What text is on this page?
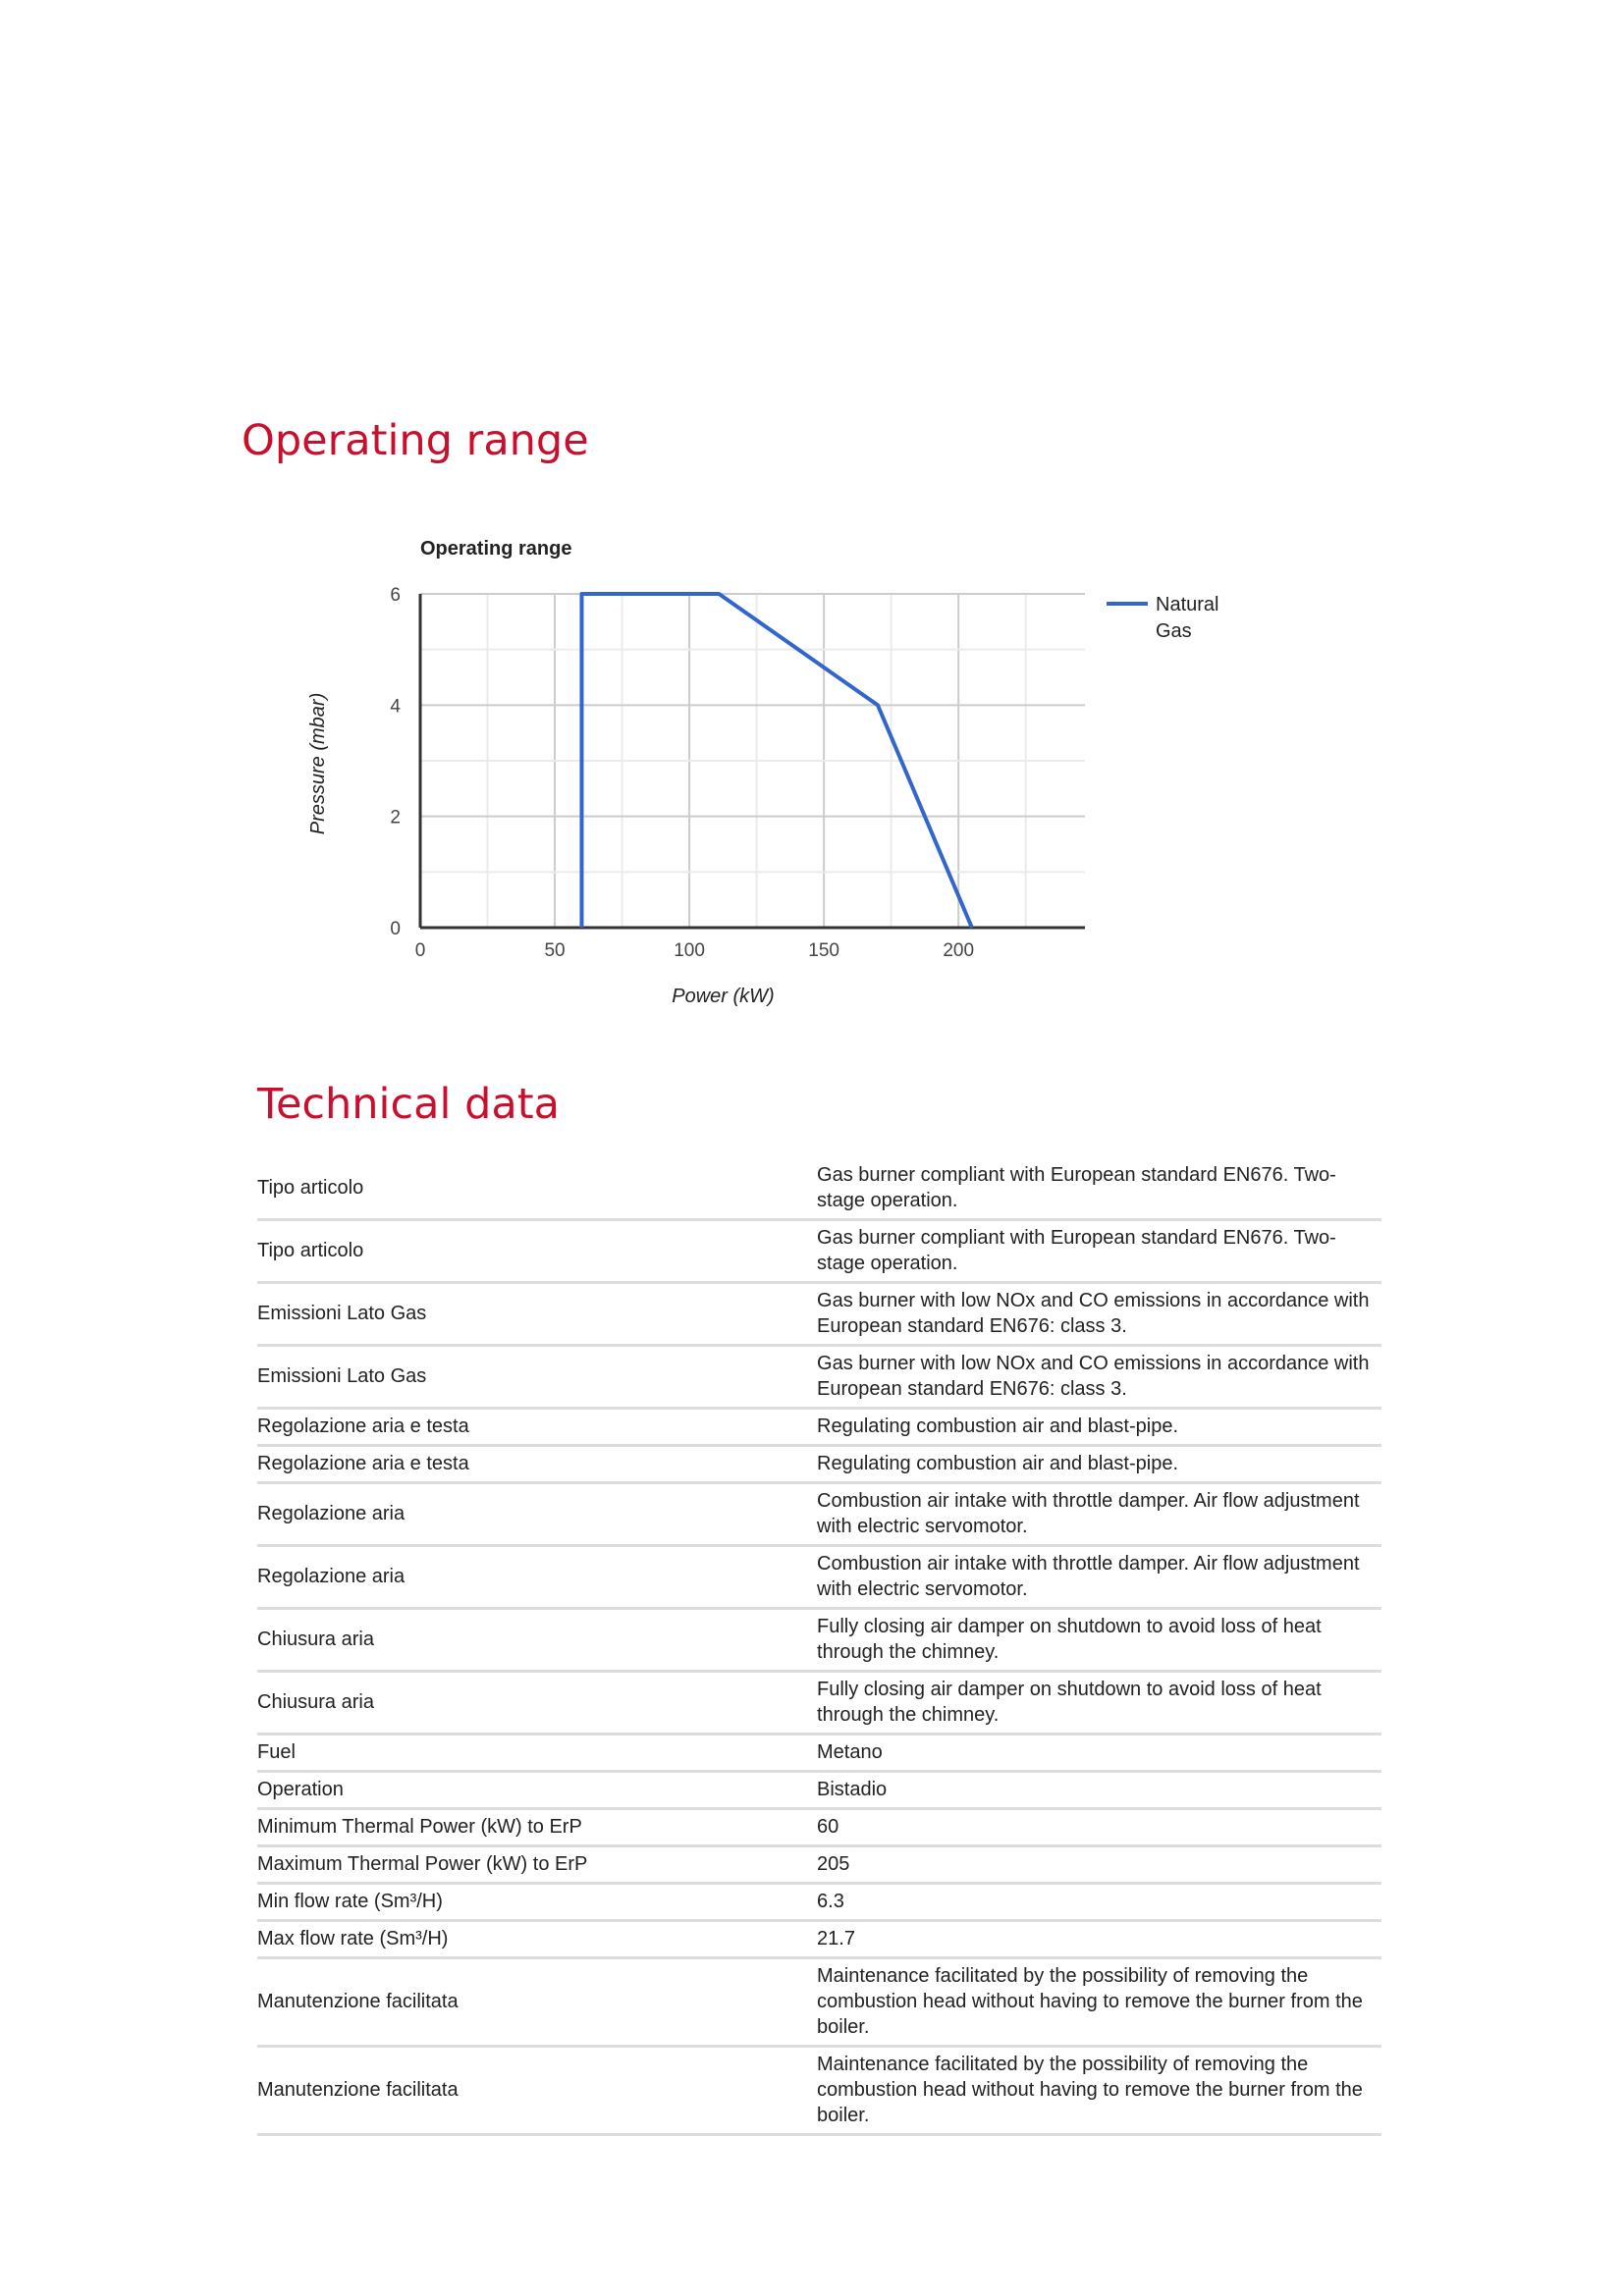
Operating range
Operating range
0	50	100	150	200
0
2
4
6
Power (kW)
Pressure (mbar)
Natural
Gas
Technical data
Tipo articolo	Gas burner compliant with European standard EN676. Two-stage operation.
Tipo articolo	Gas burner compliant with European standard EN676. Two-stage operation.
Emissioni Lato Gas	Gas burner with low NOx and CO emissions in accordance with European standard EN676: class 3.
Emissioni Lato Gas	Gas burner with low NOx and CO emissions in accordance with European standard EN676: class 3.
Regolazione aria e testa	Regulating combustion air and blast-pipe.
Regolazione aria e testa	Regulating combustion air and blast-pipe.
Regolazione aria	Combustion air intake with throttle damper. Air flow adjustment with electric servomotor.
Regolazione aria	Combustion air intake with throttle damper. Air flow adjustment with electric servomotor.
Chiusura aria	Fully closing air damper on shutdown to avoid loss of heat through the chimney.
Chiusura aria	Fully closing air damper on shutdown to avoid loss of heat through the chimney.
Fuel	Metano
Operation	Bistadio
Minimum Thermal Power (kW) to ErP	60
Maximum Thermal Power (kW) to ErP	205
Min flow rate (Sm³/H)	6.3
Max flow rate (Sm³/H)	21.7
Manutenzione facilitata	Maintenance facilitated by the possibility of removing the combustion head without having to remove the burner from the boiler.
Manutenzione facilitata	Maintenance facilitated by the possibility of removing the combustion head without having to remove the burner from the boiler.
